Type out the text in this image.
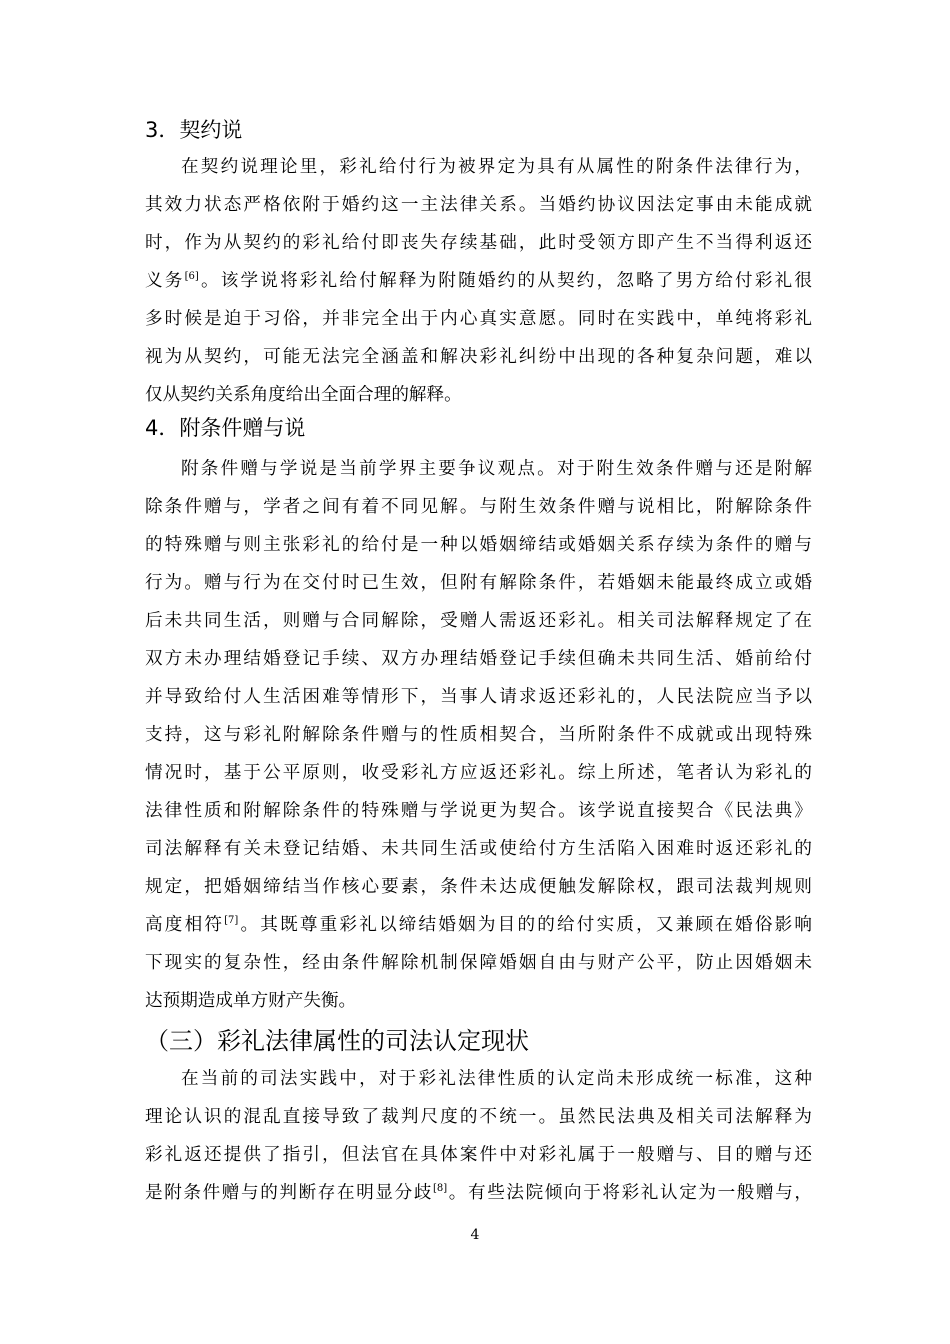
3．契约说
在契约说理论里，彩礼给付行为被界定为具有从属性的附条件法律行为，
其效力状态严格依附于婚约这一主法律关系。当婚约协议因法定事由未能成就
时，作为从契约的彩礼给付即丧失存续基础，此时受领方即产生不当得利返还
义务[6]。该学说将彩礼给付解释为附随婚约的从契约，忽略了男方给付彩礼很
多时候是迫于习俗，并非完全出于内心真实意愿。同时在实践中，单纯将彩礼
视为从契约，可能无法完全涵盖和解决彩礼纠纷中出现的各种复杂问题，难以
仅从契约关系角度给出全面合理的解释。
4．附条件赠与说
附条件赠与学说是当前学界主要争议观点。对于附生效条件赠与还是附解
除条件赠与，学者之间有着不同见解。与附生效条件赠与说相比，附解除条件
的特殊赠与则主张彩礼的给付是一种以婚姻缔结或婚姻关系存续为条件的赠与
行为。赠与行为在交付时已生效，但附有解除条件，若婚姻未能最终成立或婚
后未共同生活，则赠与合同解除，受赠人需返还彩礼。相关司法解释规定了在
双方未办理结婚登记手续、双方办理结婚登记手续但确未共同生活、婚前给付
并导致给付人生活困难等情形下，当事人请求返还彩礼的，人民法院应当予以
支持，这与彩礼附解除条件赠与的性质相契合，当所附条件不成就或出现特殊
情况时，基于公平原则，收受彩礼方应返还彩礼。综上所述，笔者认为彩礼的
法律性质和附解除条件的特殊赠与学说更为契合。该学说直接契合《民法典》
司法解释有关未登记结婚、未共同生活或使给付方生活陷入困难时返还彩礼的
规定，把婚姻缔结当作核心要素，条件未达成便触发解除权，跟司法裁判规则
高度相符[7]。其既尊重彩礼以缔结婚姻为目的的给付实质，又兼顾在婚俗影响
下现实的复杂性，经由条件解除机制保障婚姻自由与财产公平，防止因婚姻未
达预期造成单方财产失衡。
（三）彩礼法律属性的司法认定现状
在当前的司法实践中，对于彩礼法律性质的认定尚未形成统一标准，这种
理论认识的混乱直接导致了裁判尺度的不统一。虽然民法典及相关司法解释为
彩礼返还提供了指引，但法官在具体案件中对彩礼属于一般赠与、目的赠与还
是附条件赠与的判断存在明显分歧[8]。有些法院倾向于将彩礼认定为一般赠与，
4
